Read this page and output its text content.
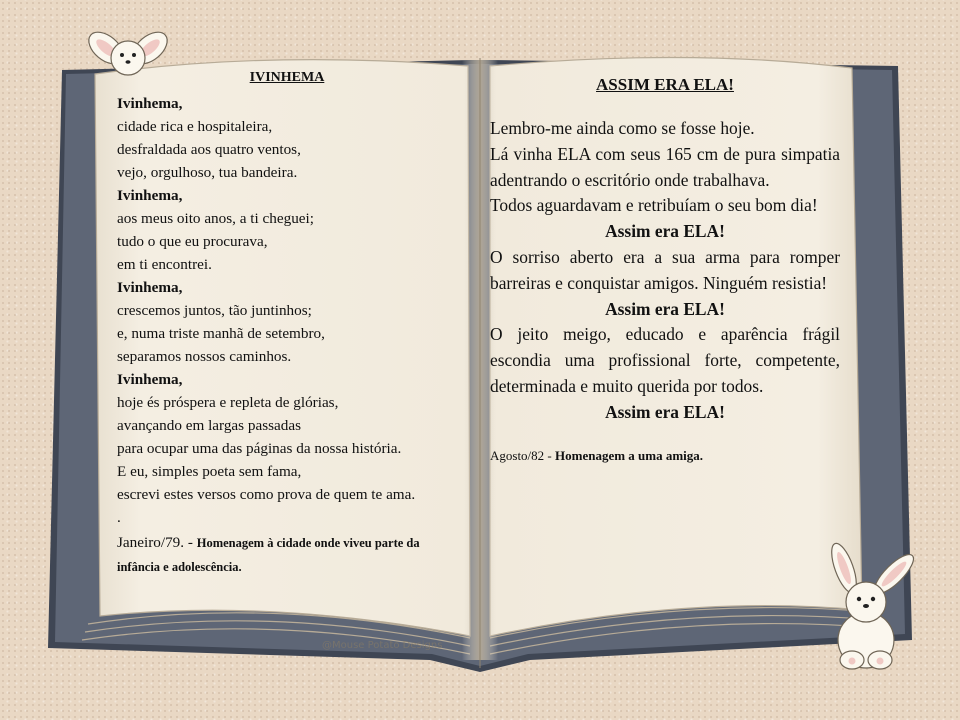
@Mouse Potato Designs
IVINHEMA
Ivinhema,
cidade rica e hospitaleira,
desfraldada aos quatro ventos,
vejo, orgulhoso, tua bandeira.
Ivinhema,
aos meus oito anos, a ti cheguei;
tudo o que eu procurava,
em ti encontrei.
Ivinhema,
crescemos juntos, tão juntinhos;
e, numa triste manhã de setembro,
separamos nossos caminhos.
Ivinhema,
hoje és próspera e repleta de glórias,
avançando em largas passadas
para ocupar uma das páginas da nossa história.
E eu, simples poeta sem fama,
escrevi estes versos como prova de quem te ama.
.
Janeiro/79. - Homenagem à cidade onde viveu parte da infância e adolescência.
ASSIM ERA ELA!
Lembro-me ainda como se fosse hoje.
Lá vinha ELA com seus 165 cm de pura simpatia adentrando o escritório onde trabalhava.
Todos aguardavam e retribuíam o seu bom dia!
Assim era ELA!
O sorriso aberto era a sua arma para romper barreiras e conquistar amigos. Ninguém resistia!
Assim era ELA!
O jeito meigo, educado e aparência frágil escondia uma profissional forte, competente, determinada e muito querida por todos.
Assim era ELA!
Agosto/82 - Homenagem a uma amiga.
